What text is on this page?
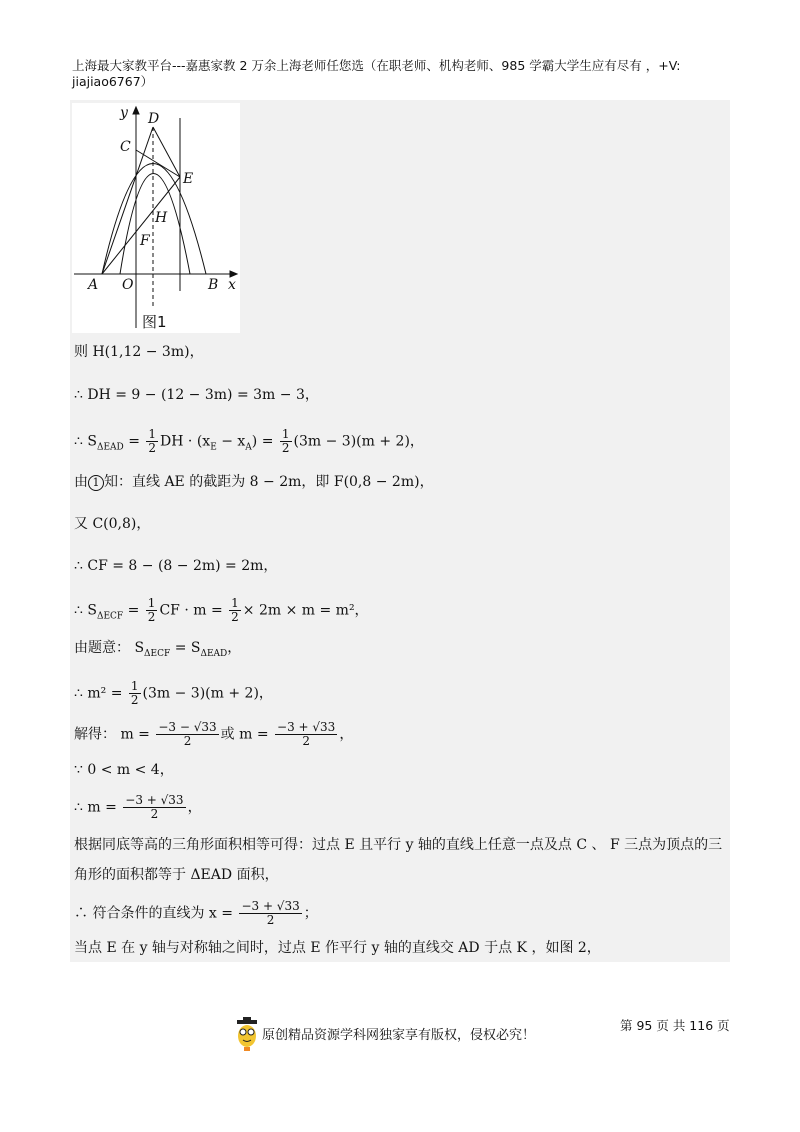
上海最大家教平台---嘉惠家教 2 万余上海老师任您选（在职老师、机构老师、985 学霸大学生应有尽有 ，+V:
jiajiao6767）
y D
C
E
H
F
A O	B x
图1
则 H(1,12 − 3m)，
∴ DH = 9 − (12 − 3m) = 3m − 3，
∴ $S_{\Delta EAD} = \frac{1}{2}$ DH · $(x_E - x_A) = \frac{1}{2} (3m - 3)(m + 2)$，
由 1 知：直线 AE 的截距为 8 − 2m，即 F(0,8 − 2m)，
又 C(0,8)，
∴ CF = 8 − (8 − 2m) = 2m，
∴ $S_{\Delta ECF} = \frac{1}{2}$ CF · $m = \frac{1}{2} \times 2m \times m = m^2$，
由题意： $S_{\Delta ECF} = S_{\Delta EAD}$，
∴ $m^2 = \frac{1}{2} (3m - 3)(m + 2)$，
解得： $m = \frac{-3 - √33}{2}$ 或 $m = \frac{-3 + √33}{2}$ ，
∵ 0 < m < 4，
∴ $m = \frac{-3 + √33}{2}$ ，
根据同底等高的三角形面积相等可得：过点 E 且平行 y 轴的直线上任意一点及点 C 、 F 三点为顶点的三角形的面积都等于 ΔEAD 面积，
∴ 符合条件的直线为 $x = \frac{-3 + √33}{2}$ ；
当点 E 在 y 轴与对称轴之间时，过点 E 作平行 y 轴的直线交 AD 于点 K ，如图 2，
原创精品资源学科网独家享有版权，侵权必究！
第 95 页 共 116 页
